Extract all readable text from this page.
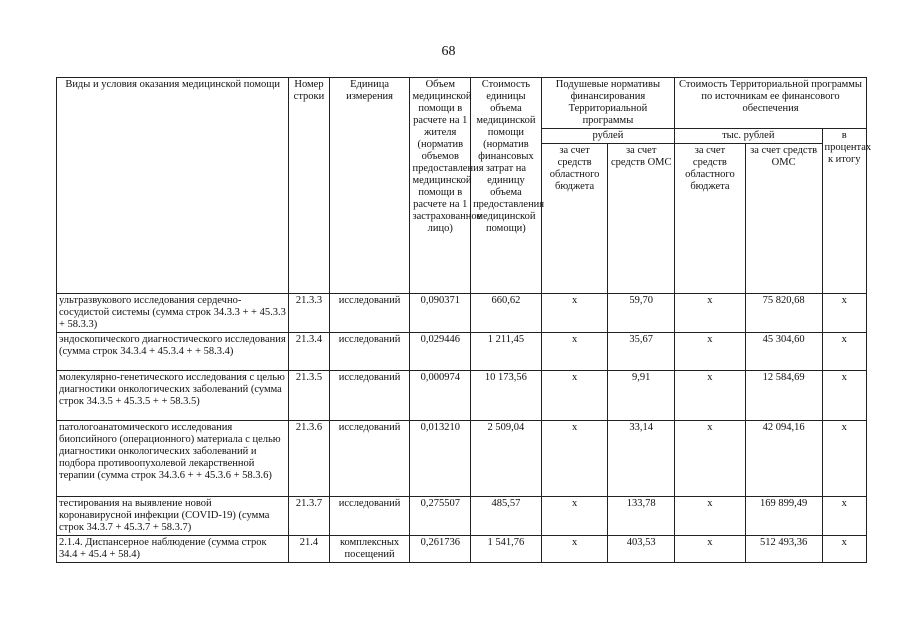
68
Виды и условия оказания медицинской помощи	Номер строки	Единица измерения	Объем медицинской помощи в расчете на 1 жителя (норматив объемов предоставления медицинской помощи в расчете на 1 застрахованное лицо)	Стоимость единицы объема медицинской помощи (норматив финансовых затрат на единицу объема предоставления медицинской помощи)	Подушевые нормативы финансирования Территориальной программы		Стоимость Территориальной программы по источникам ее финансового обеспечения		
					рублей		тыс. рублей		в процентах к итогу
					за счет средств областного бюджета	за счет средств ОМС	за счет средств областного бюджета	за счет средств ОМС	
ультразвукового исследования сердечно-сосудистой системы (сумма строк 34.3.3 + + 45.3.3 + 58.3.3)	21.3.3	исследований	0,090371	660,62	х	59,70	х	75 820,68	х
эндоскопического диагностического исследования (сумма строк 34.3.4 + 45.3.4 + + 58.3.4)	21.3.4	исследований	0,029446	1 211,45	х	35,67	х	45 304,60	х
молекулярно-генетического исследования с целью диагностики онкологических заболеваний (сумма строк 34.3.5 + 45.3.5 + + 58.3.5)	21.3.5	исследований	0,000974	10 173,56	х	9,91	х	12 584,69	х
патологоанатомического исследования биопсийного (операционного) материала с целью диагностики онкологических заболеваний и подбора противоопухолевой лекарственной терапии (сумма строк 34.3.6 + + 45.3.6 + 58.3.6)	21.3.6	исследований	0,013210	2 509,04	х	33,14	х	42 094,16	х
тестирования на выявление новой коронавирусной инфекции (COVID-19) (сумма строк 34.3.7 + 45.3.7 + 58.3.7)	21.3.7	исследований	0,275507	485,57	х	133,78	х	169 899,49	х
2.1.4. Диспансерное наблюдение (сумма строк 34.4 + 45.4 + 58.4)	21.4	комплексных посещений	0,261736	1 541,76	х	403,53	х	512 493,36	х
